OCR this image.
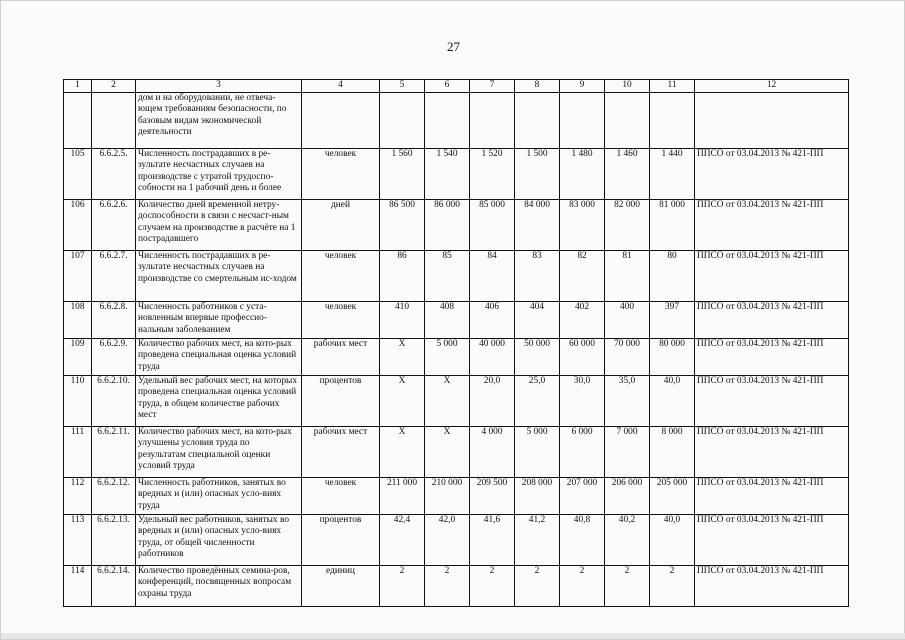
27
1	2	3	4	5	6	7	8	9	10	11	12
		дом и на оборудовании, не отвеча-ющем требованиям безопасности, по базовым видам экономической деятельности									
105	6.6.2.5.	Численность пострадавших в ре-зультате несчастных случаев на производстве с утратой трудоспо-собности на 1 рабочий день и более	человек	1 560	1 540	1 520	1 500	1 480	1 460	1 440	ППСО от 03.04.2013 № 421-ПП
106	6.6.2.6.	Количество дней временной нетру-доспособности в связи с несчаст-ным случаем на производстве в расчёте на 1 пострадавшего	дней	86 500	86 000	85 000	84 000	83 000	82 000	81 000	ППСО от 03.04.2013 № 421-ПП
107	6.6.2.7.	Численность пострадавших в ре-зультате несчастных случаев на производстве со смертельным ис-ходом	человек	86	85	84	83	82	81	80	ППСО от 03.04.2013 № 421-ПП
108	6.6.2.8.	Численность работников с уста-новленным впервые профессио-нальным заболеванием	человек	410	408	406	404	402	400	397	ППСО от 03.04.2013 № 421-ПП
109	6.6.2.9.	Количество рабочих мест, на кото-рых проведена специальная оценка условий труда	рабочих мест	Х	5 000	40 000	50 000	60 000	70 000	80 000	ППСО от 03.04.2013 № 421-ПП
110	6.6.2.10.	Удельный вес рабочих мест, на которых проведена специальная оценка условий труда, в общем количестве рабочих мест	процентов	Х	Х	20,0	25,0	30,0	35,0	40,0	ППСО от 03.04.2013 № 421-ПП
111	6.6.2.11.	Количество рабочих мест, на кото-рых улучшены условия труда по результатам специальной оценки условий труда	рабочих мест	Х	Х	4 000	5 000	6 000	7 000	8 000	ППСО от 03.04.2013 № 421-ПП
112	6.6.2.12.	Численность работников, занятых во вредных и (или) опасных усло-виях труда	человек	211 000	210 000	209 500	208 000	207 000	206 000	205 000	ППСО от 03.04.2013 № 421-ПП
113	6.6.2.13.	Удельный вес работников, занятых во вредных и (или) опасных усло-виях труда, от общей численности работников	процентов	42,4	42,0	41,6	41,2	40,8	40,2	40,0	ППСО от 03.04.2013 № 421-ПП
114	6.6.2.14.	Количество проведённых семина-ров, конференций, посвященных вопросам охраны труда	единиц	2	2	2	2	2	2	2	ППСО от 03.04.2013 № 421-ПП
